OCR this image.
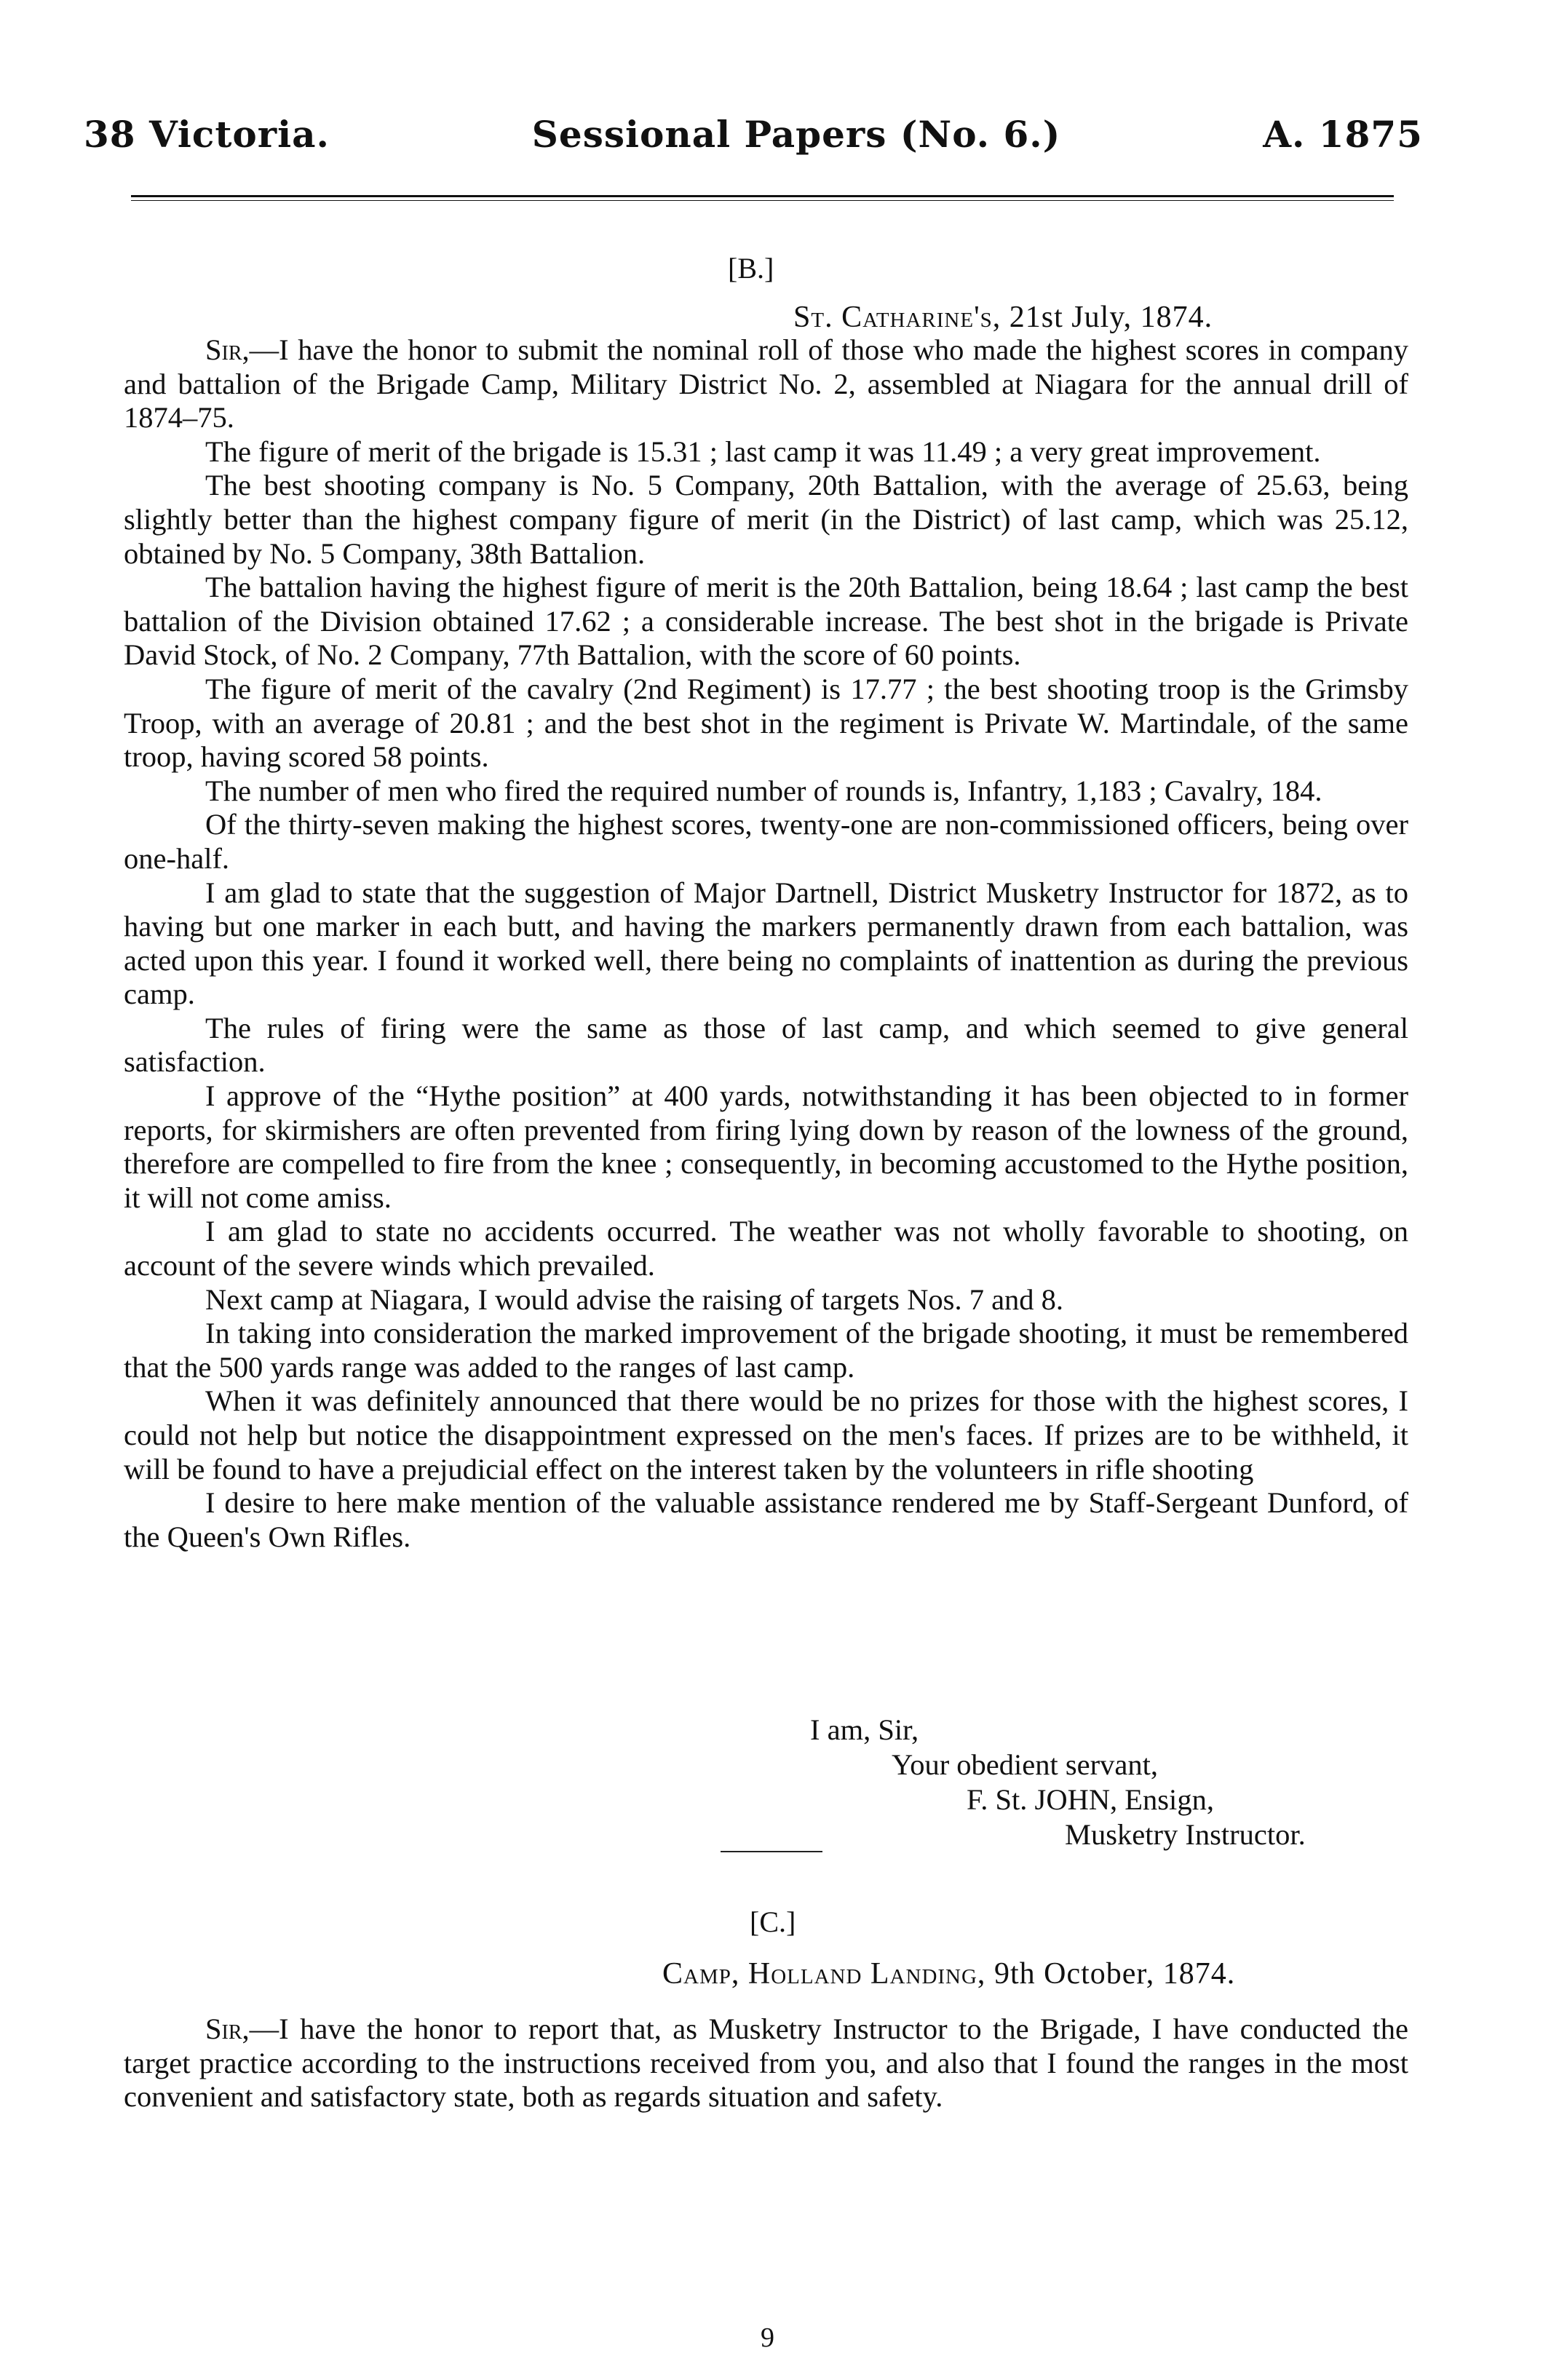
38 Victoria.	Sessional Papers (No. 6.)	A. 1875
[B.]
St. Catharine's, 21st July, 1874.

Sir,—I have the honor to submit the nominal roll of those who made the highest scores in company and battalion of the Brigade Camp, Military District No. 2, assembled at Niagara for the annual drill of 1874–75.

The figure of merit of the brigade is 15.31 ; last camp it was 11.49 ; a very great improvement.

The best shooting company is No. 5 Company, 20th Battalion, with the average of 25.63, being slightly better than the highest company figure of merit (in the District) of last camp, which was 25.12, obtained by No. 5 Company, 38th Battalion.

The battalion having the highest figure of merit is the 20th Battalion, being 18.64 ; last camp the best battalion of the Division obtained 17.62 ; a considerable increase. The best shot in the brigade is Private David Stock, of No. 2 Company, 77th Battalion, with the score of 60 points.

The figure of merit of the cavalry (2nd Regiment) is 17.77 ; the best shooting troop is the Grimsby Troop, with an average of 20.81 ; and the best shot in the regiment is Private W. Martindale, of the same troop, having scored 58 points.

The number of men who fired the required number of rounds is, Infantry, 1,183 ; Cavalry, 184.

Of the thirty-seven making the highest scores, twenty-one are non-commissioned officers, being over one-half.

I am glad to state that the suggestion of Major Dartnell, District Musketry Instructor for 1872, as to having but one marker in each butt, and having the markers permanently drawn from each battalion, was acted upon this year. I found it worked well, there being no complaints of inattention as during the previous camp.

The rules of firing were the same as those of last camp, and which seemed to give general satisfaction.

I approve of the “Hythe position” at 400 yards, notwithstanding it has been objected to in former reports, for skirmishers are often prevented from firing lying down by reason of the lowness of the ground, therefore are compelled to fire from the knee ; consequently, in becoming accustomed to the Hythe position, it will not come amiss.

I am glad to state no accidents occurred. The weather was not wholly favorable to shooting, on account of the severe winds which prevailed.

Next camp at Niagara, I would advise the raising of targets Nos. 7 and 8.

In taking into consideration the marked improvement of the brigade shooting, it must be remembered that the 500 yards range was added to the ranges of last camp.

When it was definitely announced that there would be no prizes for those with the highest scores, I could not help but notice the disappointment expressed on the men's faces. If prizes are to be withheld, it will be found to have a prejudicial effect on the interest taken by the volunteers in rifle shooting

I desire to here make mention of the valuable assistance rendered me by Staff-Sergeant Dunford, of the Queen's Own Rifles.

I am, Sir,
Your obedient servant,
F. St. JOHN, Ensign,
Musketry Instructor.
[C.]
Camp, Holland Landing, 9th October, 1874.

Sir,—I have the honor to report that, as Musketry Instructor to the Brigade, I have conducted the target practice according to the instructions received from you, and also that I found the ranges in the most convenient and satisfactory state, both as regards situation and safety.

9
